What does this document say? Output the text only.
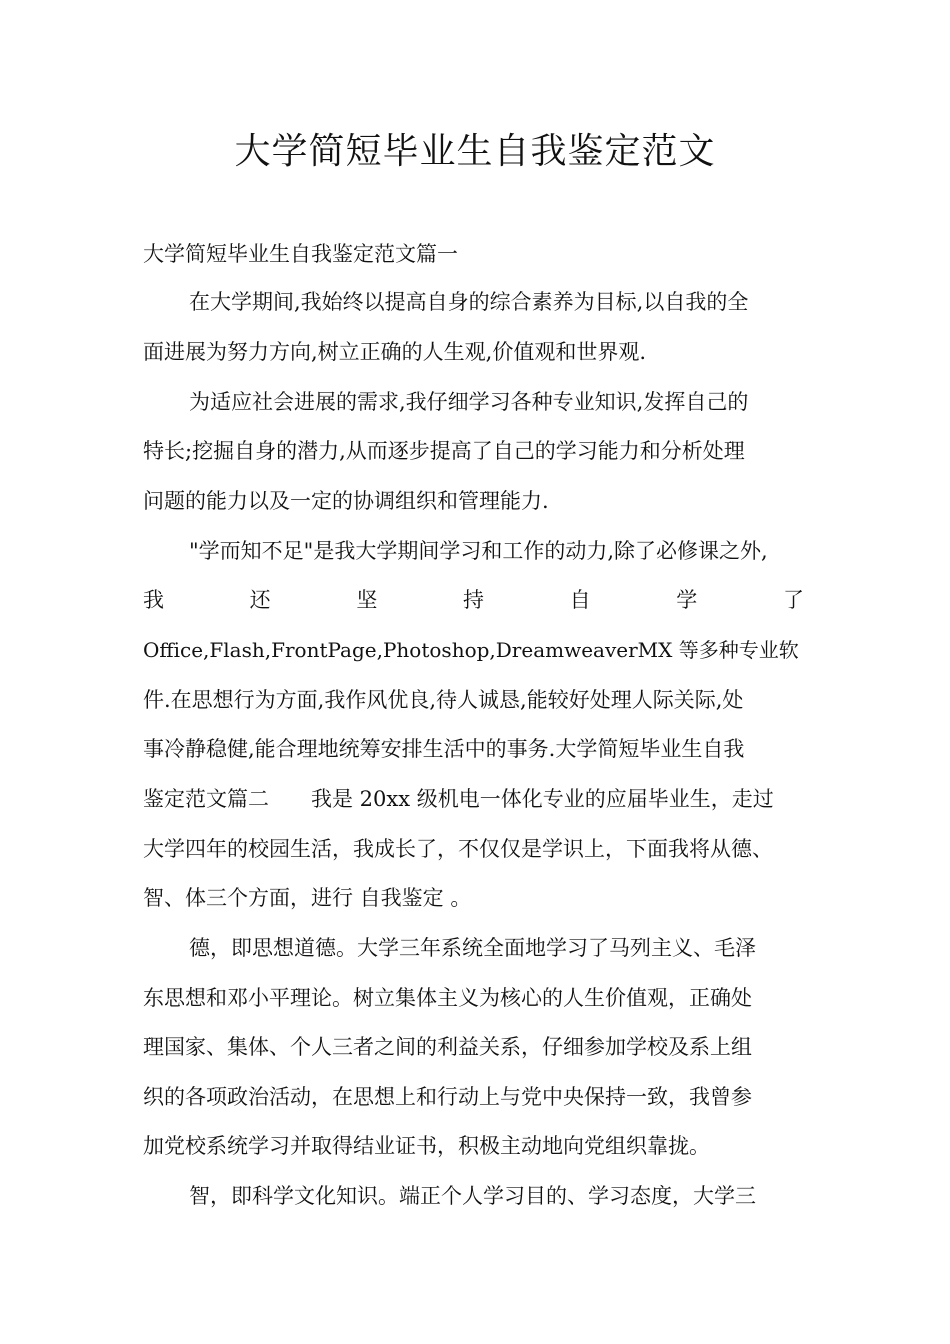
大学简短毕业生自我鉴定范文
大学简短毕业生自我鉴定范文篇一
在大学期间,我始终以提高自身的综合素养为目标,以自我的全
面进展为努力方向,树立正确的人生观,价值观和世界观.
为适应社会进展的需求,我仔细学习各种专业知识,发挥自己的
特长;挖掘自身的潜力,从而逐步提高了自己的学习能力和分析处理
问题的能力以及一定的协调组织和管理能力.
"学而知不足"是我大学期间学习和工作的动力,除了必修课之外,
我	还	坚	持	自	学	了
Office,Flash,FrontPage,Photoshop,DreamweaverMX 等多种专业软
件.在思想行为方面,我作风优良,待人诚恳,能较好处理人际关际,处
事冷静稳健,能合理地统筹安排生活中的事务.大学简短毕业生自我
鉴定范文篇二　　我是 20xx 级机电一体化专业的应届毕业生，走过
大学四年的校园生活，我成长了，不仅仅是学识上，下面我将从德、
智、体三个方面，进行 自我鉴定 。
德，即思想道德。大学三年系统全面地学习了马列主义、毛泽
东思想和邓小平理论。树立集体主义为核心的人生价值观，正确处
理国家、集体、个人三者之间的利益关系，仔细参加学校及系上组
织的各项政治活动，在思想上和行动上与党中央保持一致，我曾参
加党校系统学习并取得结业证书，积极主动地向党组织靠拢。
智，即科学文化知识。端正个人学习目的、学习态度，大学三
